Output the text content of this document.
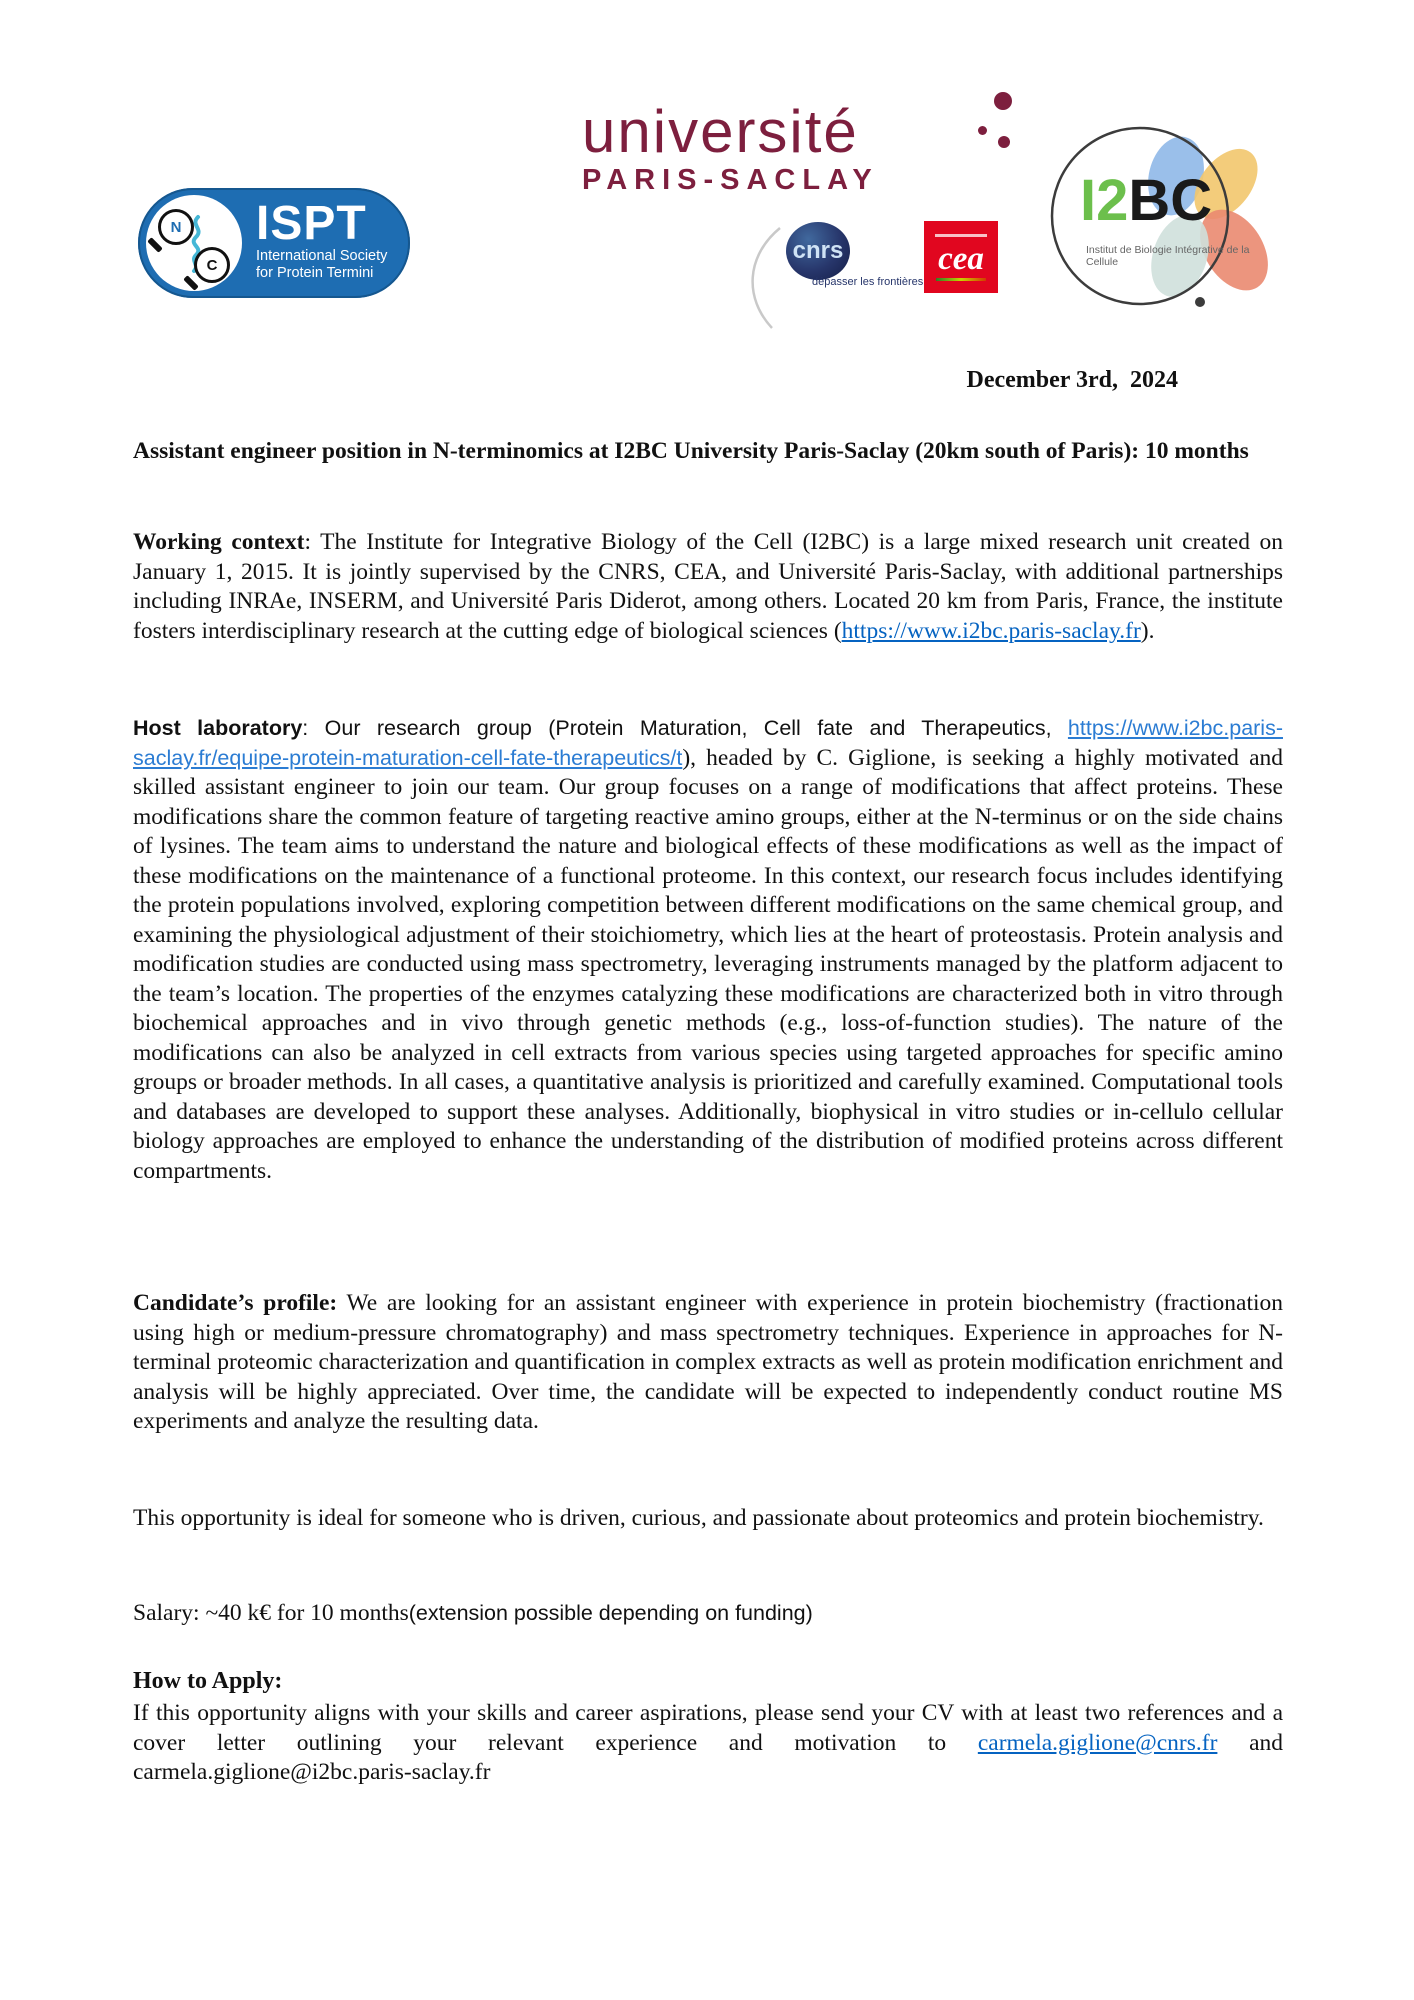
N
C
ISPT
International Society
for Protein Termini
université
PARIS-SACLAY
cnrs
dépasser les frontières
cea
I2BC
Institut de Biologie Intégrative de la Cellule
December 3rd,  2024
Assistant engineer position in N-terminomics at I2BC University Paris-Saclay (20km south of Paris): 10 months
Working context: The Institute for Integrative Biology of the Cell (I2BC) is a large mixed research unit created on January 1, 2015. It is jointly supervised by the CNRS, CEA, and Université Paris-Saclay, with additional partnerships including INRAe, INSERM, and Université Paris Diderot, among others. Located 20 km from Paris, France, the institute fosters interdisciplinary research at the cutting edge of biological sciences (https://www.i2bc.paris-saclay.fr).
Host laboratory: Our research group (Protein Maturation, Cell fate and Therapeutics, https://www.i2bc.paris-saclay.fr/equipe-protein-maturation-cell-fate-therapeutics/t), headed by C. Giglione, is seeking a highly motivated and skilled assistant engineer to join our team. Our group focuses on a range of modifications that affect proteins. These modifications share the common feature of targeting reactive amino groups, either at the N-terminus or on the side chains of lysines. The team aims to understand the nature and biological effects of these modifications as well as the impact of these modifications on the maintenance of a functional proteome. In this context, our research focus includes identifying the protein populations involved, exploring competition between different modifications on the same chemical group, and examining the physiological adjustment of their stoichiometry, which lies at the heart of proteostasis. Protein analysis and modification studies are conducted using mass spectrometry, leveraging instruments managed by the platform adjacent to the team’s location. The properties of the enzymes catalyzing these modifications are characterized both in vitro through biochemical approaches and in vivo through genetic methods (e.g., loss-of-function studies). The nature of the modifications can also be analyzed in cell extracts from various species using targeted approaches for specific amino groups or broader methods. In all cases, a quantitative analysis is prioritized and carefully examined. Computational tools and databases are developed to support these analyses. Additionally, biophysical in vitro studies or in-cellulo cellular biology approaches are employed to enhance the understanding of the distribution of modified proteins across different compartments.
Candidate’s profile: We are looking for an assistant engineer with experience in protein biochemistry (fractionation using high or medium-pressure chromatography) and mass spectrometry techniques. Experience in approaches for N-terminal proteomic characterization and quantification in complex extracts as well as protein modification enrichment and analysis will be highly appreciated. Over time, the candidate will be expected to independently conduct routine MS experiments and analyze the resulting data.
This opportunity is ideal for someone who is driven, curious, and passionate about proteomics and protein biochemistry.
Salary: ~40 k€ for 10 months(extension possible depending on funding)
How to Apply:
If this opportunity aligns with your skills and career aspirations, please send your CV with at least two references and a cover letter outlining your relevant experience and motivation to carmela.giglione@cnrs.fr and carmela.giglione@i2bc.paris-saclay.fr
